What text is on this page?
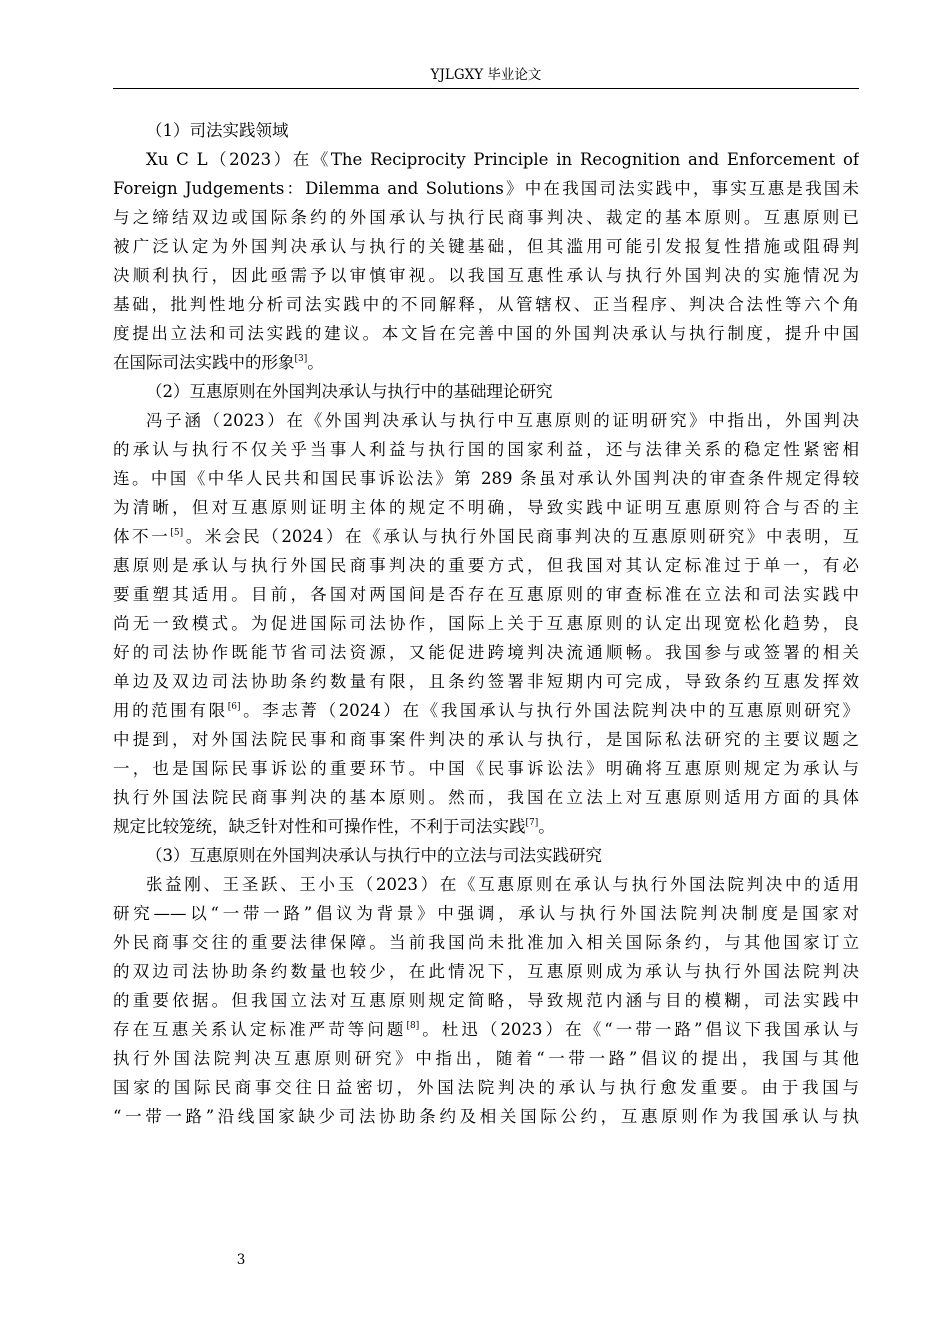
YJLGXY 毕业论文
（1）司法实践领域
Xu C L（2023）在《The Reciprocity Principle in Recognition and Enforcement of
Foreign Judgements：Dilemma and Solutions》中在我国司法实践中，事实互惠是我国未
与之缔结双边或国际条约的外国承认与执行民商事判决、裁定的基本原则。互惠原则已
被广泛认定为外国判决承认与执行的关键基础，但其滥用可能引发报复性措施或阻碍判
决顺利执行，因此亟需予以审慎审视。以我国互惠性承认与执行外国判决的实施情况为
基础，批判性地分析司法实践中的不同解释，从管辖权、正当程序、判决合法性等六个角
度提出立法和司法实践的建议。本文旨在完善中国的外国判决承认与执行制度，提升中国
在国际司法实践中的形象[3]。
（2）互惠原则在外国判决承认与执行中的基础理论研究
冯子涵（2023）在《外国判决承认与执行中互惠原则的证明研究》中指出，外国判决
的承认与执行不仅关乎当事人利益与执行国的国家利益，还与法律关系的稳定性紧密相
连。中国《中华人民共和国民事诉讼法》第 289 条虽对承认外国判决的审查条件规定得较
为清晰，但对互惠原则证明主体的规定不明确，导致实践中证明互惠原则符合与否的主
体不一[5]。米会民（2024）在《承认与执行外国民商事判决的互惠原则研究》中表明，互
惠原则是承认与执行外国民商事判决的重要方式，但我国对其认定标准过于单一，有必
要重塑其适用。目前，各国对两国间是否存在互惠原则的审查标准在立法和司法实践中
尚无一致模式。为促进国际司法协作，国际上关于互惠原则的认定出现宽松化趋势，良
好的司法协作既能节省司法资源，又能促进跨境判决流通顺畅。我国参与或签署的相关
单边及双边司法协助条约数量有限，且条约签署非短期内可完成，导致条约互惠发挥效
用的范围有限[6]。李志菁（2024）在《我国承认与执行外国法院判决中的互惠原则研究》
中提到，对外国法院民事和商事案件判决的承认与执行，是国际私法研究的主要议题之
一，也是国际民事诉讼的重要环节。中国《民事诉讼法》明确将互惠原则规定为承认与
执行外国法院民商事判决的基本原则。然而，我国在立法上对互惠原则适用方面的具体
规定比较笼统，缺乏针对性和可操作性，不利于司法实践[7]。
（3）互惠原则在外国判决承认与执行中的立法与司法实践研究
张益刚、王圣跃、王小玉（2023）在《互惠原则在承认与执行外国法院判决中的适用
研究——以“一带一路”倡议为背景》中强调，承认与执行外国法院判决制度是国家对
外民商事交往的重要法律保障。当前我国尚未批准加入相关国际条约，与其他国家订立
的双边司法协助条约数量也较少，在此情况下，互惠原则成为承认与执行外国法院判决
的重要依据。但我国立法对互惠原则规定简略，导致规范内涵与目的模糊，司法实践中
存在互惠关系认定标准严苛等问题[8]。杜迅（2023）在《“一带一路”倡议下我国承认与
执行外国法院判决互惠原则研究》中指出，随着“一带一路”倡议的提出，我国与其他
国家的国际民商事交往日益密切，外国法院判决的承认与执行愈发重要。由于我国与
“一带一路”沿线国家缺少司法协助条约及相关国际公约，互惠原则作为我国承认与执
3
